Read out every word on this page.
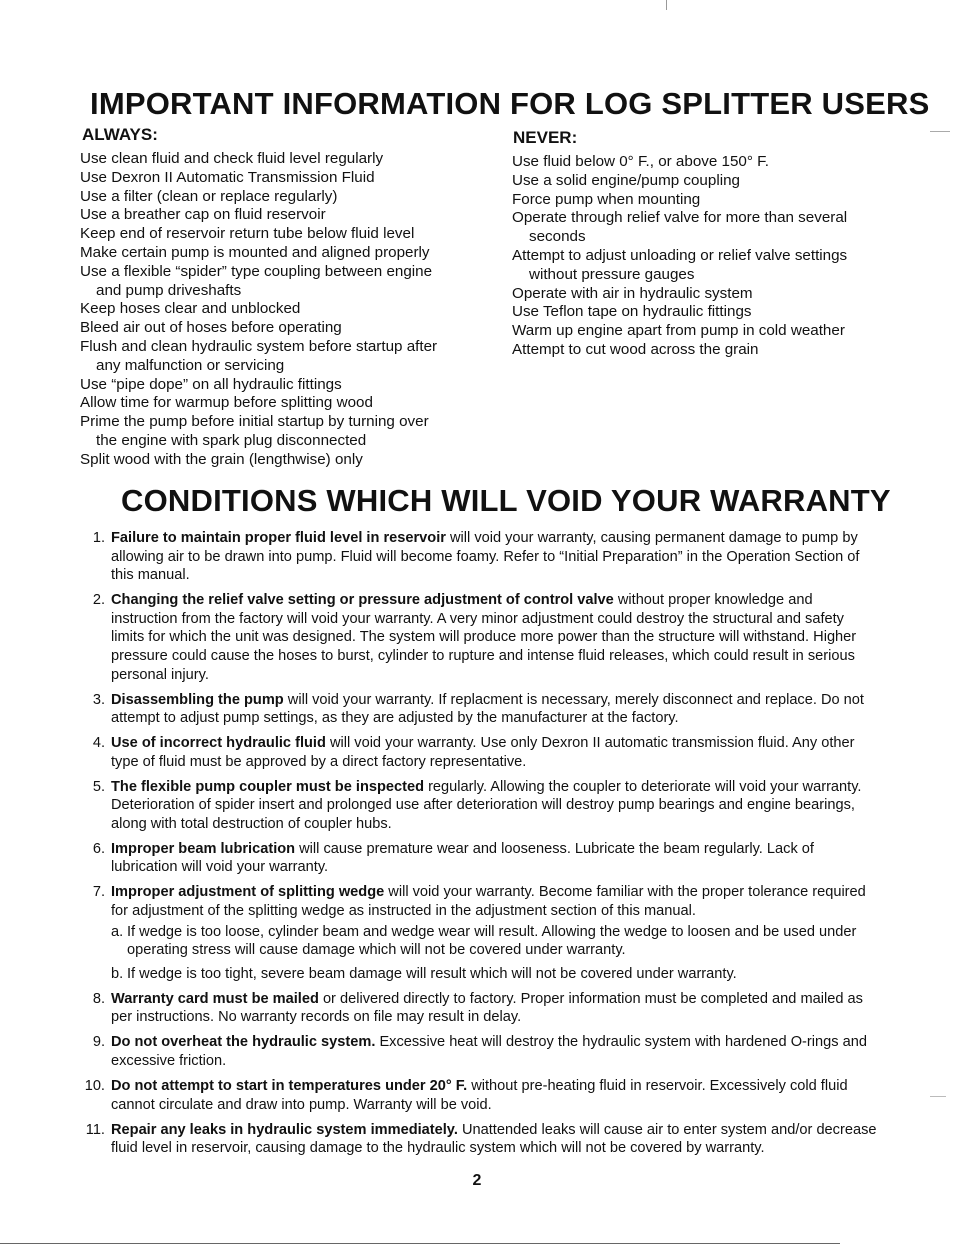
IMPORTANT INFORMATION FOR LOG SPLITTER USERS
ALWAYS:
Use clean fluid and check fluid level regularly
Use Dexron II Automatic Transmission Fluid
Use a filter (clean or replace regularly)
Use a breather cap on fluid reservoir
Keep end of reservoir return tube below fluid level
Make certain pump is mounted and aligned properly
Use a flexible “spider” type coupling between engine
and pump driveshafts
Keep hoses clear and unblocked
Bleed air out of hoses before operating
Flush and clean hydraulic system before startup after
any malfunction or servicing
Use “pipe dope” on all hydraulic fittings
Allow time for warmup before splitting wood
Prime the pump before initial startup by turning over
the engine with spark plug disconnected
Split wood with the grain (lengthwise) only
NEVER:
Use fluid below 0° F., or above 150° F.
Use a solid engine/pump coupling
Force pump when mounting
Operate through relief valve for more than several
seconds
Attempt to adjust unloading or relief valve settings
without pressure gauges
Operate with air in hydraulic system
Use Teflon tape on hydraulic fittings
Warm up engine apart from pump in cold weather
Attempt to cut wood across the grain
CONDITIONS WHICH WILL VOID YOUR WARRANTY
1. Failure to maintain proper fluid level in reservoir will void your warranty, causing permanent damage to pump by allowing air to be drawn into pump. Fluid will become foamy. Refer to “Initial Preparation” in the Operation Section of this manual.
2. Changing the relief valve setting or pressure adjustment of control valve without proper knowledge and instruction from the factory will void your warranty. A very minor adjustment could destroy the structural and safety limits for which the unit was designed. The system will produce more power than the structure will withstand. Higher pressure could cause the hoses to burst, cylinder to rupture and intense fluid releases, which could result in serious personal injury.
3. Disassembling the pump will void your warranty. If replacment is necessary, merely disconnect and replace. Do not attempt to adjust pump settings, as they are adjusted by the manufacturer at the factory.
4. Use of incorrect hydraulic fluid will void your warranty. Use only Dexron II automatic transmission fluid. Any other type of fluid must be approved by a direct factory representative.
5. The flexible pump coupler must be inspected regularly. Allowing the coupler to deteriorate will void your warranty. Deterioration of spider insert and prolonged use after deterioration will destroy pump bearings and engine bearings, along with total destruction of coupler hubs.
6. Improper beam lubrication will cause premature wear and looseness. Lubricate the beam regularly. Lack of lubrication will void your warranty.
7. Improper adjustment of splitting wedge will void your warranty. Become familiar with the proper tolerance required for adjustment of the splitting wedge as instructed in the adjustment section of this manual.
a. If wedge is too loose, cylinder beam and wedge wear will result. Allowing the wedge to loosen and be used under operating stress will cause damage which will not be covered under warranty.
b. If wedge is too tight, severe beam damage will result which will not be covered under warranty.
8. Warranty card must be mailed or delivered directly to factory. Proper information must be completed and mailed as per instructions. No warranty records on file may result in delay.
9. Do not overheat the hydraulic system. Excessive heat will destroy the hydraulic system with hardened O-rings and excessive friction.
10. Do not attempt to start in temperatures under 20° F. without pre-heating fluid in reservoir. Excessively cold fluid cannot circulate and draw into pump. Warranty will be void.
11. Repair any leaks in hydraulic system immediately. Unattended leaks will cause air to enter system and/or decrease fluid level in reservoir, causing damage to the hydraulic system which will not be covered by warranty.
2
